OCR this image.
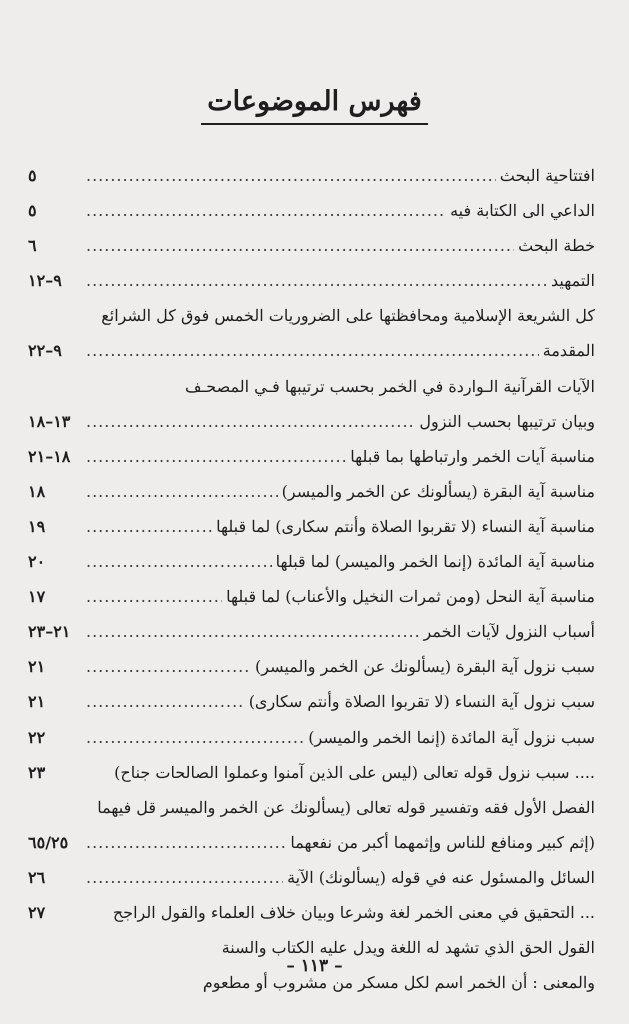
فهرس الموضوعات
افتتاحية البحث
.....
٥
الداعي الى الكتابة فيه
.....
٥
خطة البحث
.....
٦
التمهيد
.....
٩–١٢
كل الشريعة الإسلامية ومحافظتها على الضروريات الخمس فوق كل الشرائع
المقدمة
.....
٩–٢٢
الآيات القرآنية الـواردة في الخمر بحسب ترتيبها فـي المصحـف
وبيان ترتيبها بحسب النزول
.....
١٣–١٨
مناسبة آيات الخمر وارتباطها بما قبلها
.....
١٨–٢١
مناسبة آية البقرة (يسألونك عن الخمر والميسر)
.....
١٨
مناسبة آية النساء (لا تقربوا الصلاة وأنتم سكارى) لما قبلها
.....
١٩
مناسبة آية المائدة (إنما الخمر والميسر) لما قبلها
.....
٢٠
مناسبة آية النحل (ومن ثمرات النخيل والأعناب) لما قبلها
.....
١٧
أسباب النزول لآيات الخمر
.....
٢١–٢٣
سبب نزول آية البقرة (يسألونك عن الخمر والميسر)
.....
٢١
سبب نزول آية النساء (لا تقربوا الصلاة وأنتم سكارى)
.....
٢١
سبب نزول آية المائدة (إنما الخمر والميسر)
.....
٢٢
سبب نزول قوله تعالى (ليس على الذين آمنوا وعملوا الصالحات جناح) ....
٢٣
الفصل الأول فقه وتفسير قوله تعالى (يسألونك عن الخمر والميسر قل فيهما
إثم كبير ومنافع للناس وإثمهما أكبر من نفعهما)
.....
٦٥/٢٥
السائل والمسئول عنه في قوله (يسألونك) الآية
.....
٢٦
التحقيق في معنى الخمر لغة وشرعا وبيان خلاف العلماء والقول الراجح ...
٢٧
القول الحق الذي تشهد له اللغة ويدل عليه الكتاب والسنة
والمعنى : أن الخمر اسم لكل مسكر من مشروب أو مطعوم
– ١١٣ –
